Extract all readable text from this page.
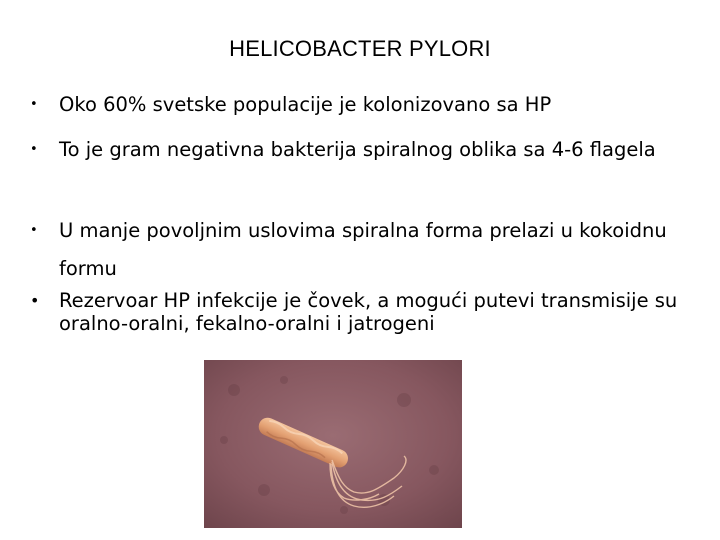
HELICOBACTER PYLORI
• Oko 60% svetske populacije je kolonizovano sa HP
• To je gram negativna bakterija spiralnog oblika sa 4-6 flagela
• U manje povoljnim uslovima spiralna forma prelazi u kokoidnu formu
• Rezervoar HP infekcije je čovek, a mogući putevi transmisije su oralno-oralni, fekalno-oralni i jatrogeni
